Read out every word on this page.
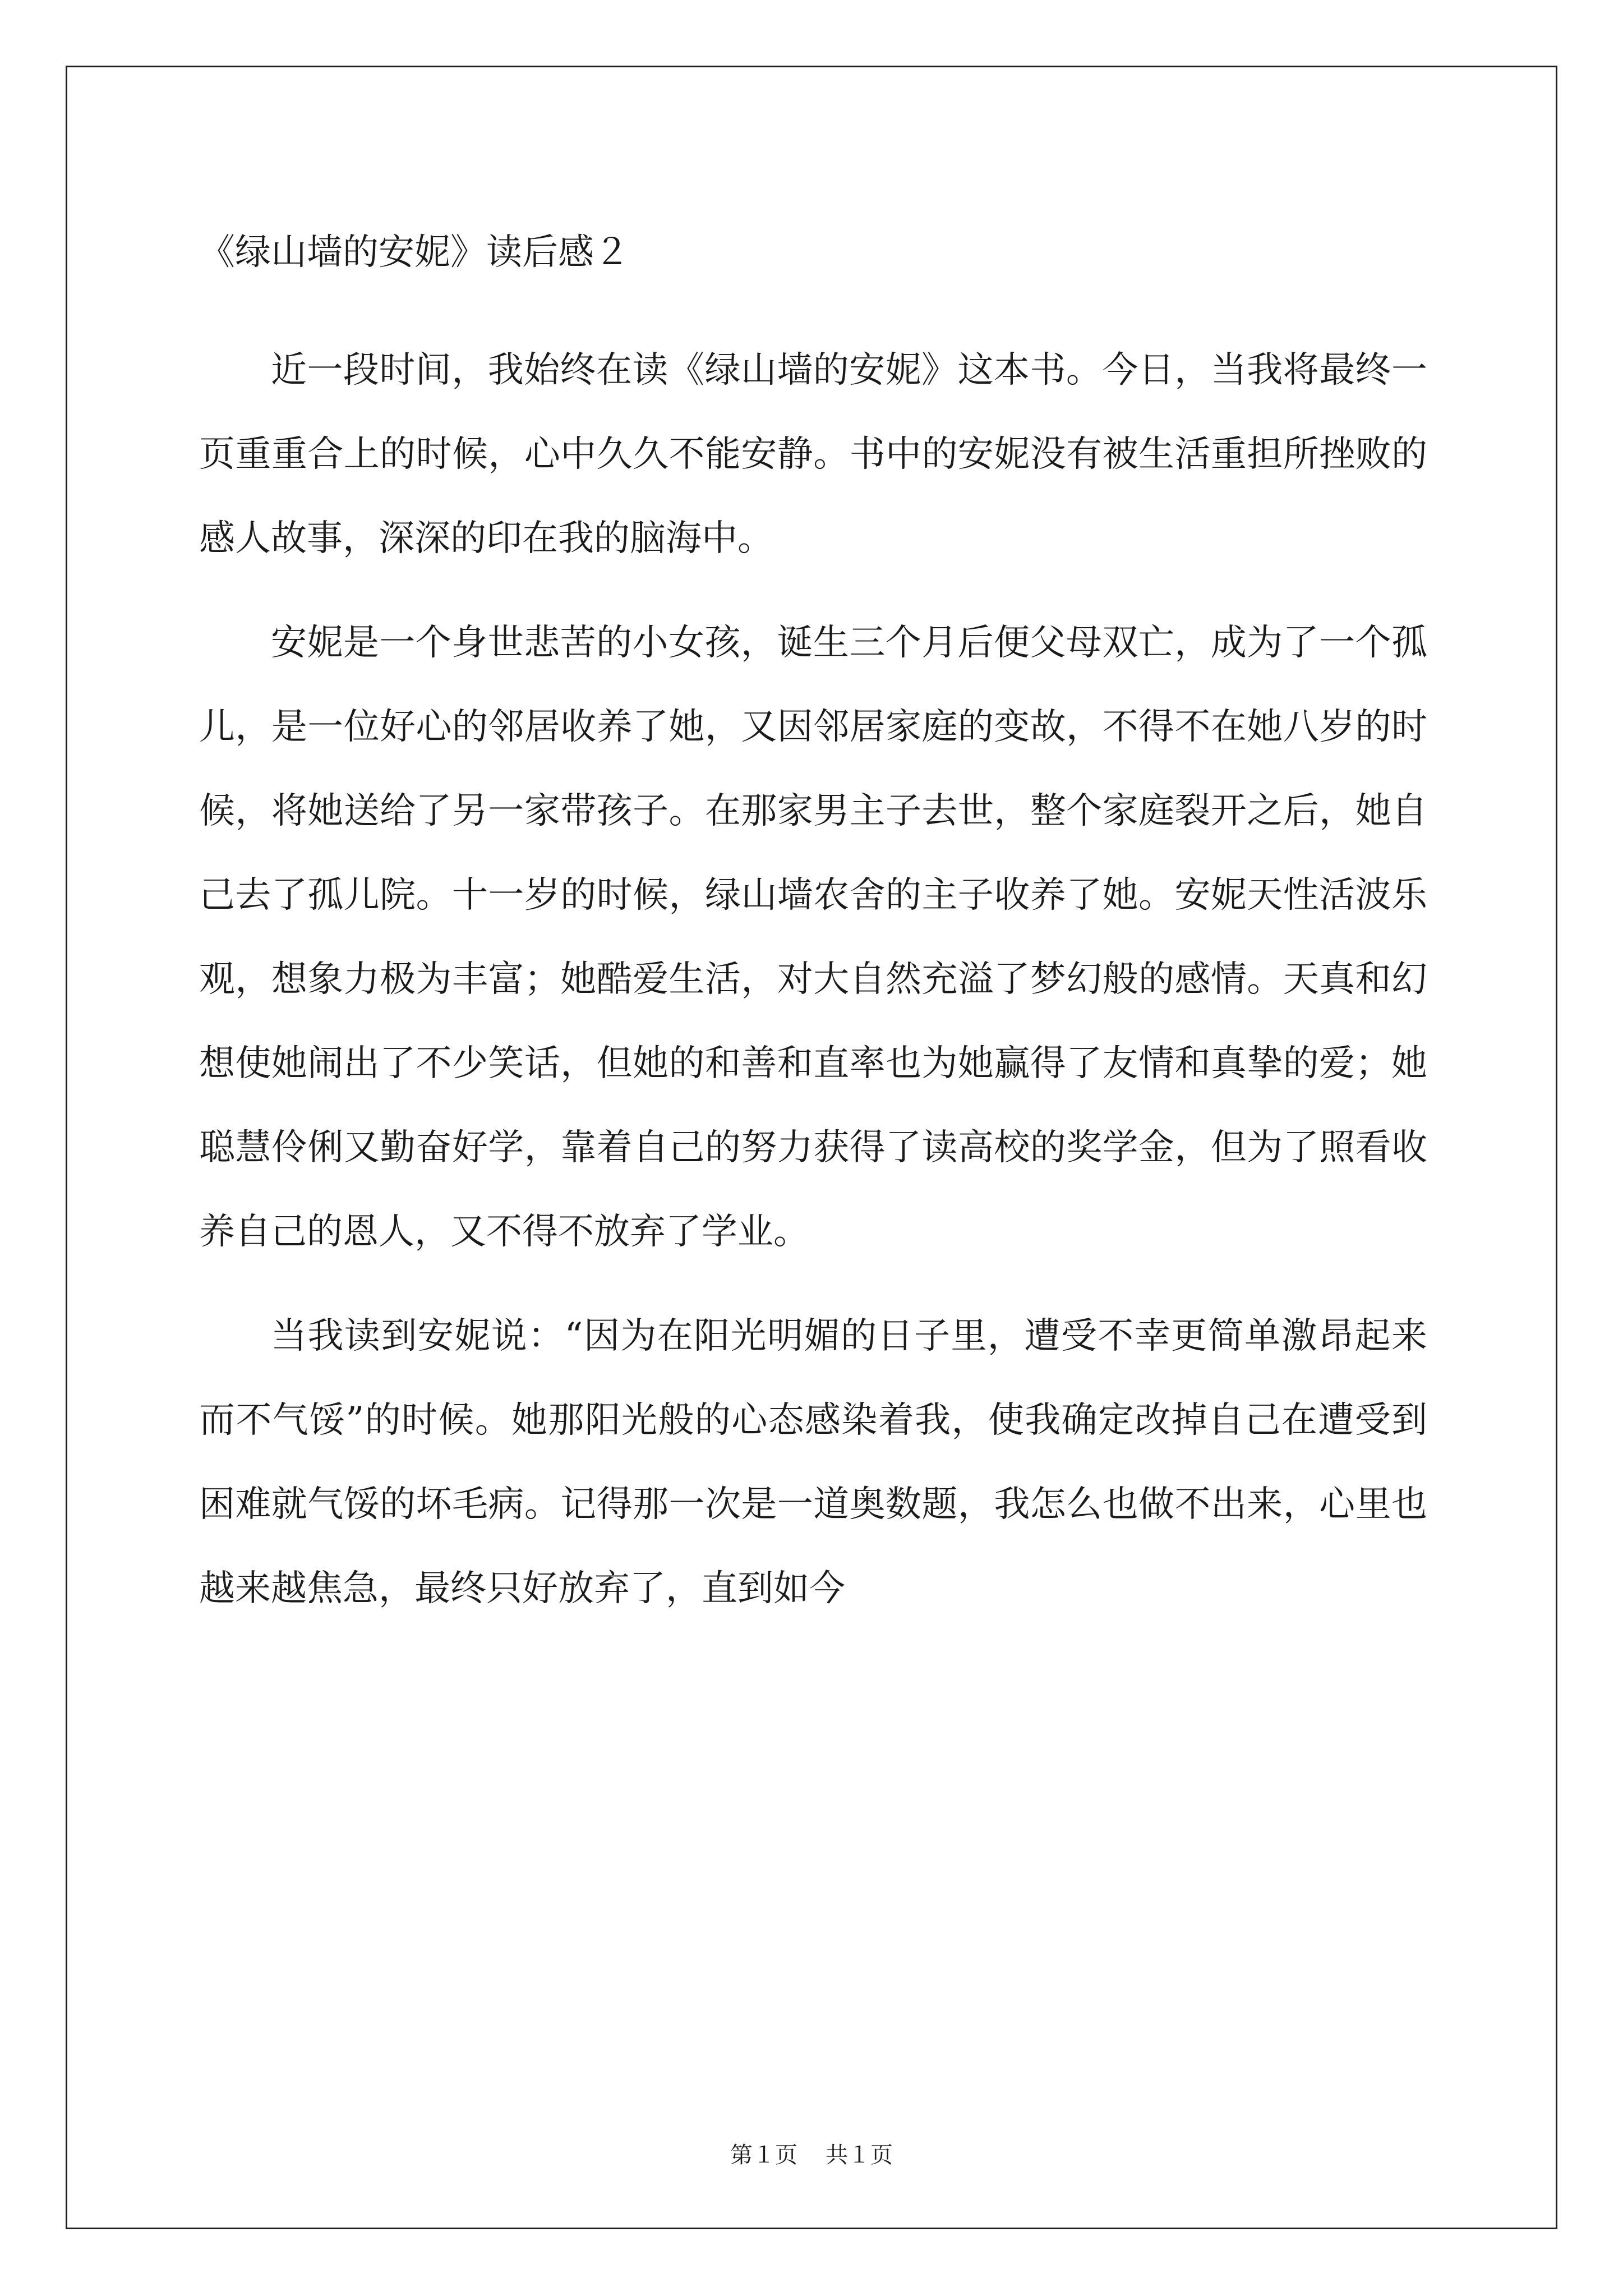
《绿山墙的安妮》读后感２

近一段时间，我始终在读《绿山墙的安妮》这本书。今日，当我将最终一页重重合上的时候，心中久久不能安静。书中的安妮没有被生活重担所挫败的感人故事，深深的印在我的脑海中。

安妮是一个身世悲苦的小女孩，诞生三个月后便父母双亡，成为了一个孤儿，是一位好心的邻居收养了她，又因邻居家庭的变故，不得不在她八岁的时候，将她送给了另一家带孩子。在那家男主子去世，整个家庭裂开之后，她自己去了孤儿院。十一岁的时候，绿山墙农舍的主子收养了她。安妮天性活波乐观，想象力极为丰富；她酷爱生活，对大自然充溢了梦幻般的感情。天真和幻想使她闹出了不少笑话，但她的和善和直率也为她赢得了友情和真挚的爱；她聪慧伶俐又勤奋好学，靠着自己的努力获得了读高校的奖学金，但为了照看收养自己的恩人，又不得不放弃了学业。

当我读到安妮说：“因为在阳光明媚的日子里，遭受不幸更简单激昂起来而不气馁”的时候。她那阳光般的心态感染着我，使我确定改掉自己在遭受到困难就气馁的坏毛病。记得那一次是一道奥数题，我怎么也做不出来，心里也越来越焦急，最终只好放弃了，直到如今

第１页 共１页
